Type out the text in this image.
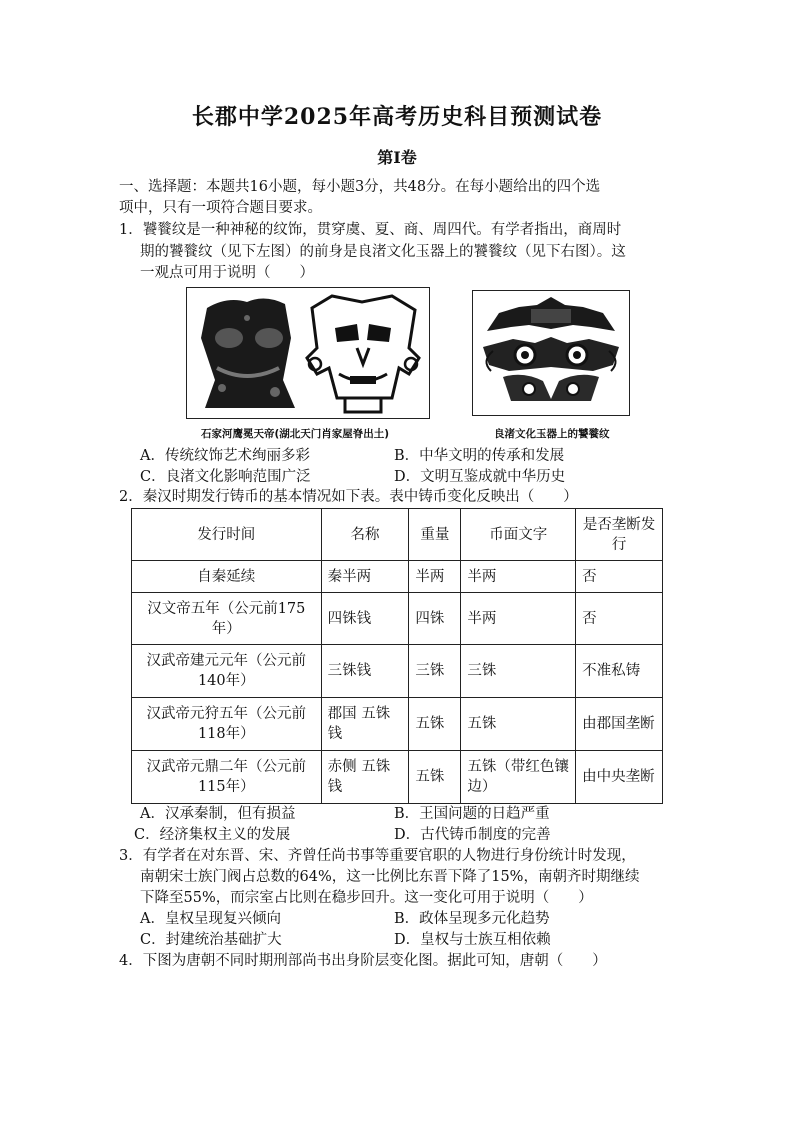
长郡中学2025年高考历史科目预测试卷
第Ⅰ卷
一、选择题：本题共16小题，每小题3分，共48分。在每小题给出的四个选
项中，只有一项符合题目要求。
1．饕餮纹是一种神秘的纹饰，贯穿虞、夏、商、周四代。有学者指出，商周时
期的饕餮纹（见下左图）的前身是良渚文化玉器上的饕餮纹（见下右图）。这
一观点可用于说明（　　）
石家河鹰冕天帝(湖北天门肖家屋脊出土)	良渚文化玉器上的饕餮纹
A．传统纹饰艺术绚丽多彩	B．中华文明的传承和发展
C．良渚文化影响范围广泛	D．文明互鉴成就中华历史
2．秦汉时期发行铸币的基本情况如下表。表中铸币变化反映出（　　）
发行时间	名称	重量	币面文字	是否垄断发行
自秦延续	秦半两	半两	半两	否
汉文帝五年（公元前175年）	四铢钱	四铢	半两	否
汉武帝建元元年（公元前140年）	三铢钱	三铢	三铢	不准私铸
汉武帝元狩五年（公元前118年）	郡国 五铢钱	五铢	五铢	由郡国垄断
汉武帝元鼎二年（公元前115年）	赤侧 五铢钱	五铢	五铢（带红色镶边）	由中央垄断
A．汉承秦制，但有损益	B．王国问题的日趋严重
C．经济集权主义的发展	D．古代铸币制度的完善
3．有学者在对东晋、宋、齐曾任尚书事等重要官职的人物进行身份统计时发现，
南朝宋士族门阀占总数的64%，这一比例比东晋下降了15%，南朝齐时期继续
下降至55%，而宗室占比则在稳步回升。这一变化可用于说明（　　）
A．皇权呈现复兴倾向	B．政体呈现多元化趋势
C．封建统治基础扩大	D．皇权与士族互相依赖
4．下图为唐朝不同时期刑部尚书出身阶层变化图。据此可知，唐朝（　　）
